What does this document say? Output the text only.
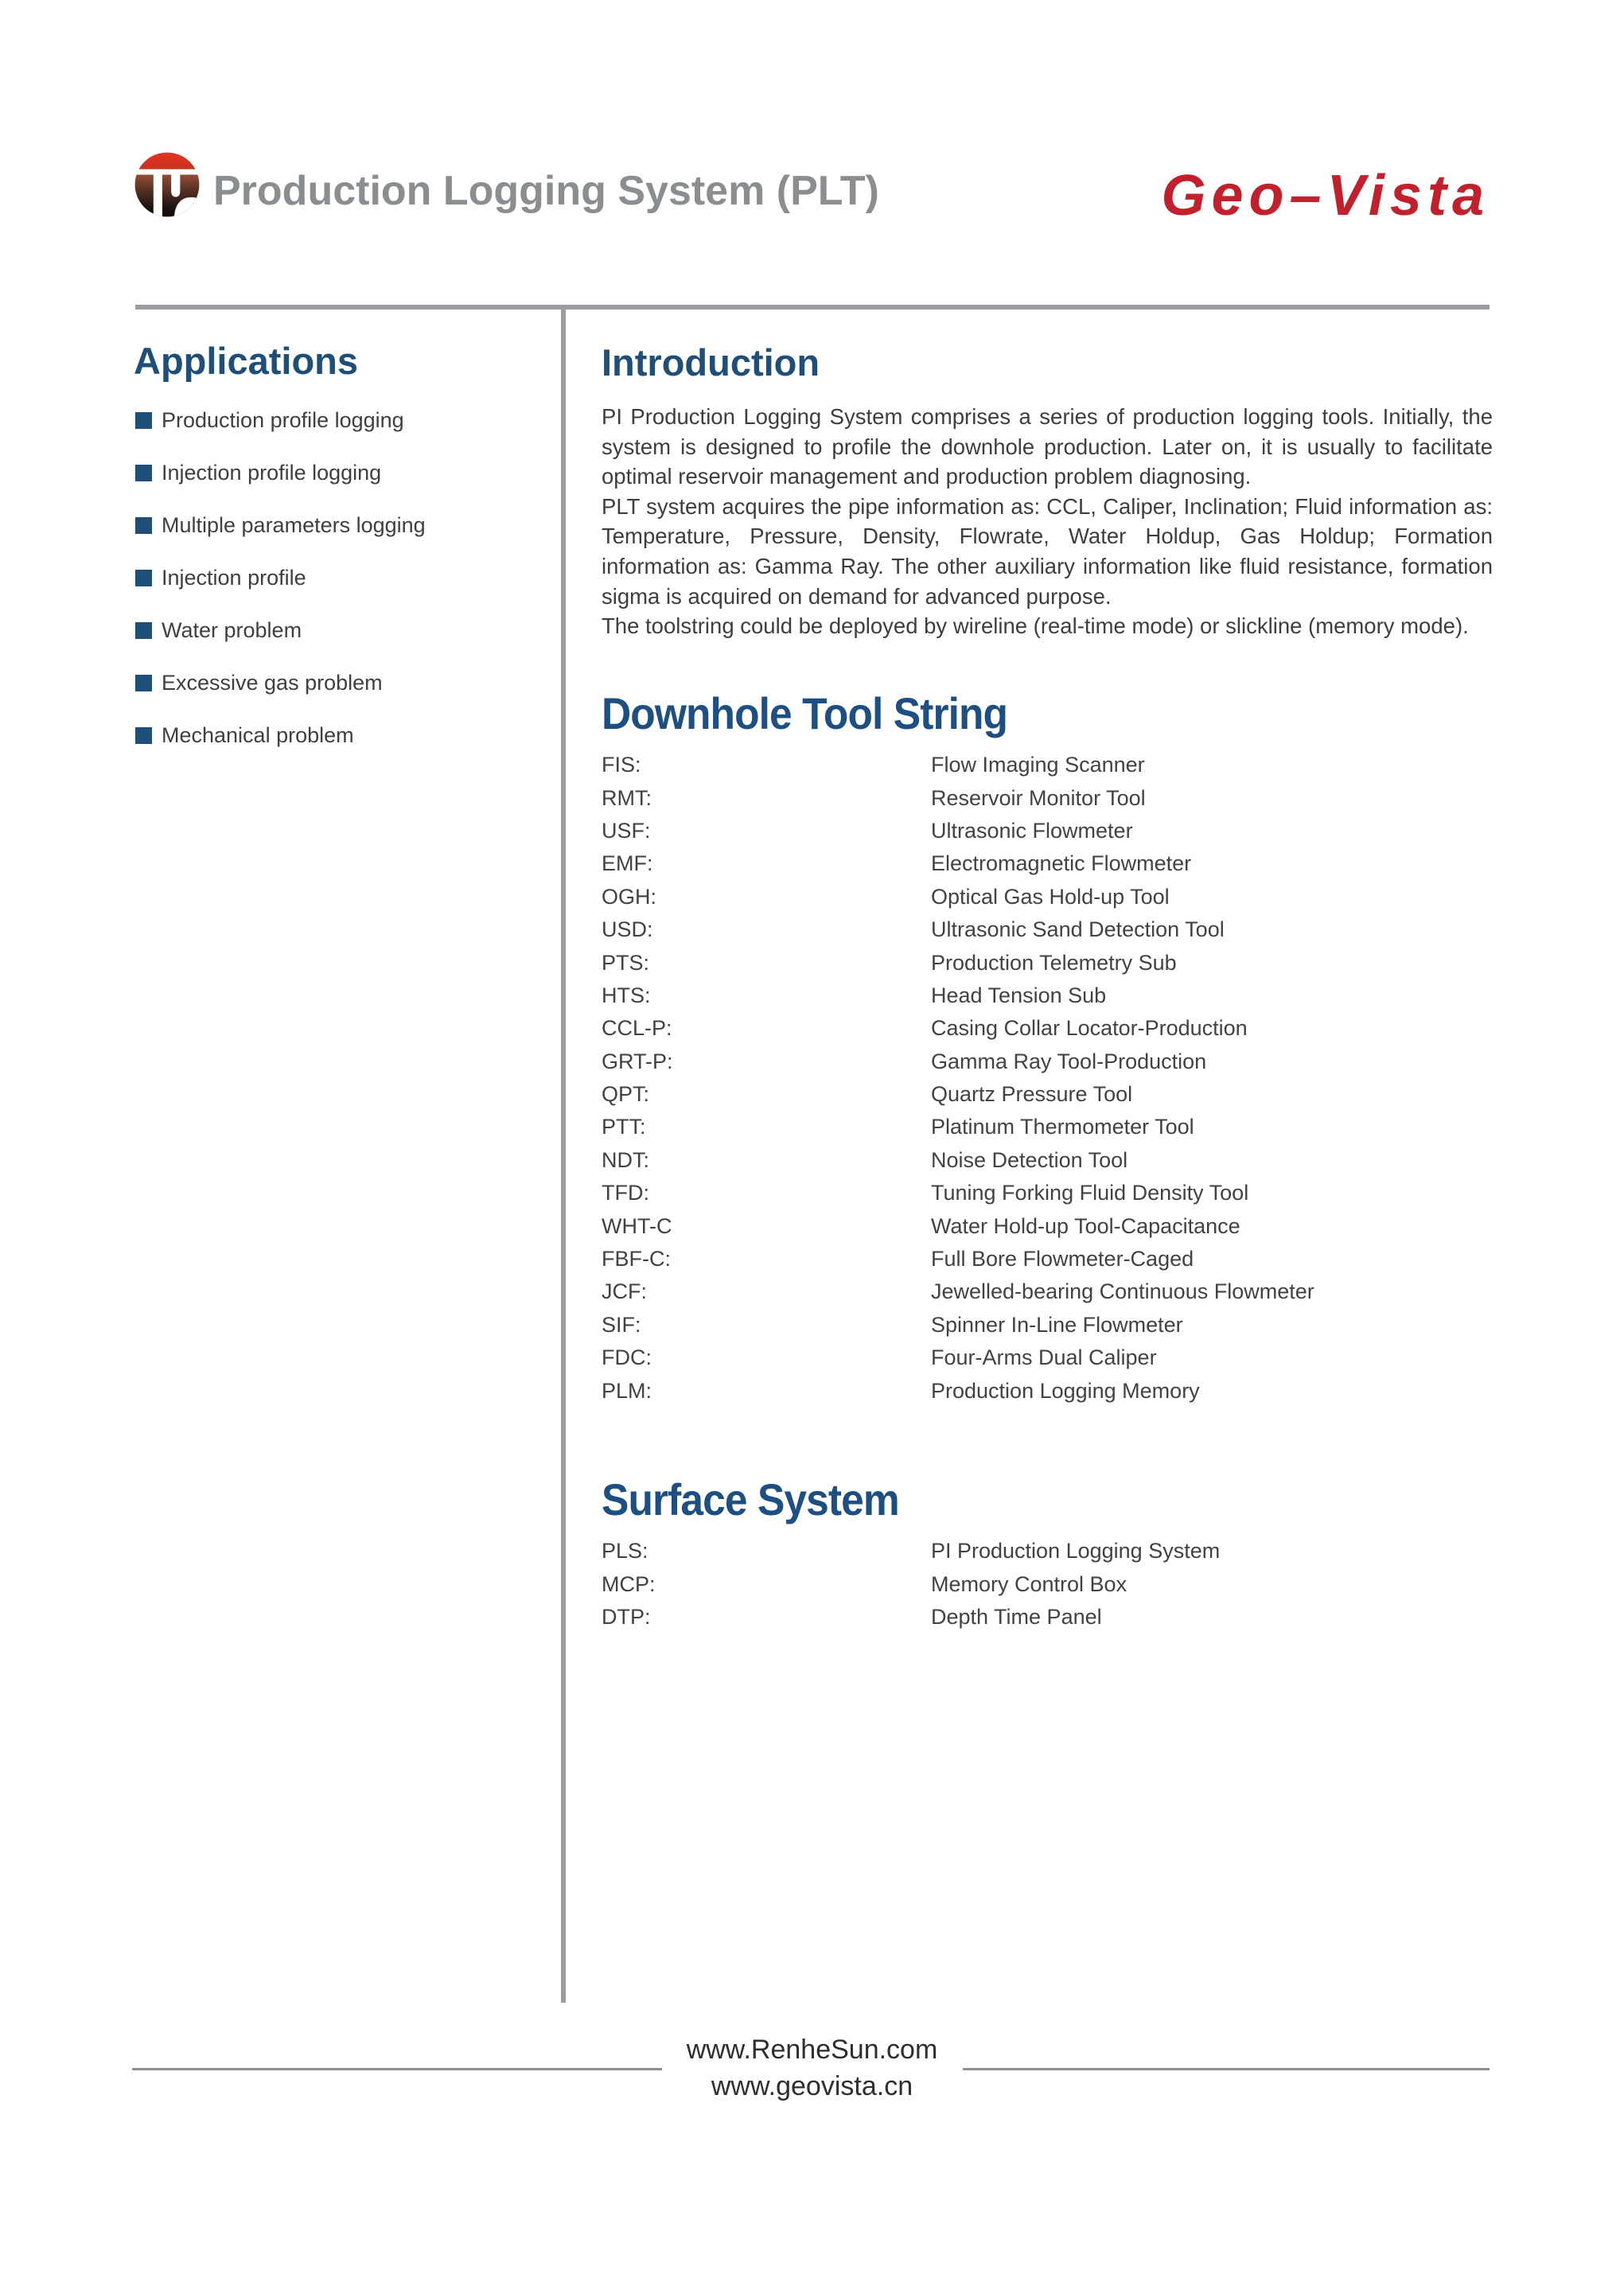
Production Logging System (PLT)	Geo–Vista
Applications
Production profile logging
Injection profile logging
Multiple parameters logging
Injection profile
Water problem
Excessive gas problem
Mechanical problem
Introduction

PI Production Logging System comprises a series of production logging tools. Initially, the system is designed to profile the downhole production. Later on, it is usually to facilitate optimal reservoir management and production problem diagnosing.

PLT system acquires the pipe information as: CCL, Caliper, Inclination; Fluid information as: Temperature, Pressure, Density, Flowrate, Water Holdup, Gas Holdup; Formation information as: Gamma Ray. The other auxiliary information like fluid resistance, formation sigma is acquired on demand for advanced purpose.

The toolstring could be deployed by wireline (real-time mode) or slickline (memory mode).

Downhole Tool String
FIS:	Flow Imaging Scanner
RMT:	Reservoir Monitor Tool
USF:	Ultrasonic Flowmeter
EMF:	Electromagnetic Flowmeter
OGH:	Optical Gas Hold-up Tool
USD:	Ultrasonic Sand Detection Tool
PTS:	Production Telemetry Sub
HTS:	Head Tension Sub
CCL-P:	Casing Collar Locator-Production
GRT-P:	Gamma Ray Tool-Production
QPT:	Quartz Pressure Tool
PTT:	Platinum Thermometer Tool
NDT:	Noise Detection Tool
TFD:	Tuning Forking Fluid Density Tool
WHT-C	Water Hold-up Tool-Capacitance
FBF-C:	Full Bore Flowmeter-Caged
JCF:	Jewelled-bearing Continuous Flowmeter
SIF:	Spinner In-Line Flowmeter
FDC:	Four-Arms Dual Caliper
PLM:	Production Logging Memory
Surface System
PLS:	PI Production Logging System
MCP:	Memory Control Box
DTP:	Depth Time Panel
www.RenheSun.com
www.geovista.cn
